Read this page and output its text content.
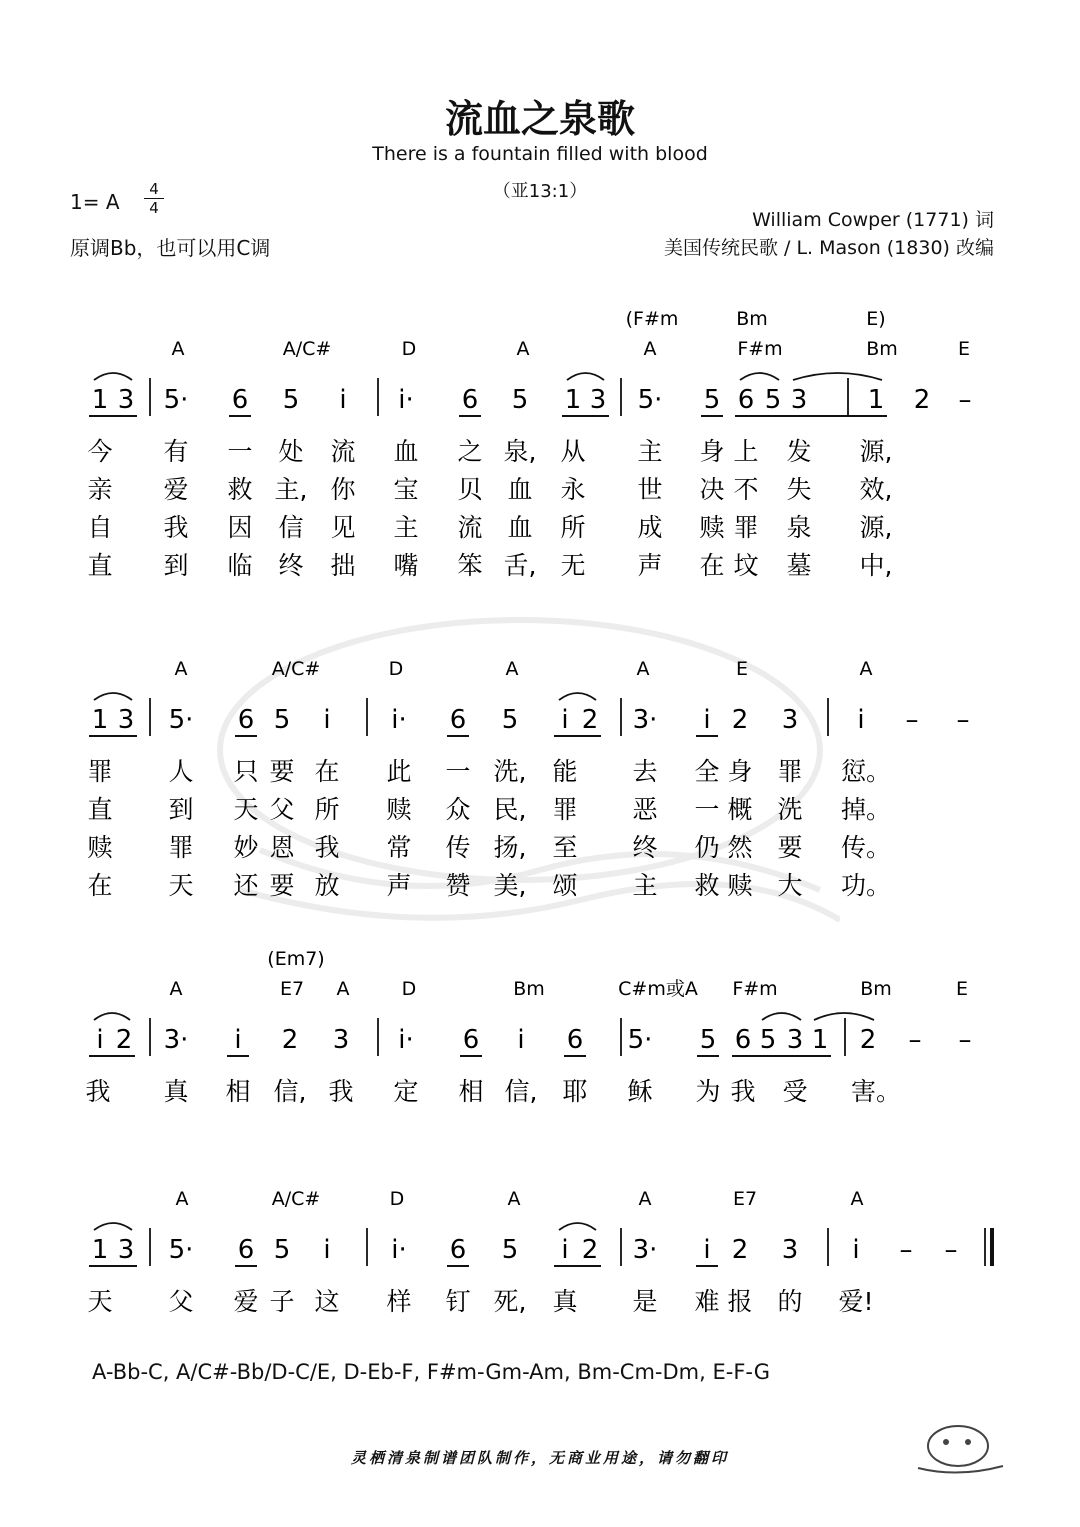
流血之泉歌
There is a fountain filled with blood
（亚13:1）
1= A
4
4
原调Bb，也可以用C调
William Cowper (1771) 词
美国传统民歌 / L. Mason (1830) 改编
(F#m	Bm	E)
A	A/C#	D	A	A	F#m	Bm	E
1 3 5· 6 5 i i· 6 5 1 3 5· 5 6 5 3 1 2 –
今 有 一 处 流 血 之 泉, 从 主 身 上 发 源,
亲 爱 救 主, 你 宝 贝 血 永 世 决 不 失 效,
自 我 因 信 见 主 流 血 所 成 赎 罪 泉 源,
直 到 临 终 拙 嘴 笨 舌, 无 声 在 坟 墓 中,
A	A/C#	D	A	A	E	A
1 3 5· 6 5 i i· 6 5 i 2 3· i 2 3 i – –
罪 人 只 要 在 此 一 洗, 能 去 全 身 罪 愆。
直 到 天 父 所 赎 众 民, 罪 恶 一 概 洗 掉。
赎 罪 妙 恩 我 常 传 扬, 至 终 仍 然 要 传。
在 天 还 要 放 声 赞 美, 颂 主 救 赎 大 功。
(Em7)
A	E7 A	D	Bm	C#m或A F#m	Bm	E
i 2 3· i 2 3 i· 6 i 6 5· 5 6 5 3 1 2 – –
我 真 相 信, 我 定 相 信, 耶 稣 为 我 受 害。
A	A/C#	D	A	A	E7	A
1 3 5· 6 5 i i· 6 5 i 2 3· i 2 3 i – –
天 父 爱 子 这 样 钉 死, 真 是 难 报 的 爱!
A-Bb-C, A/C#-Bb/D-C/E, D-Eb-F, F#m-Gm-Am, Bm-Cm-Dm, E-F-G
灵栖清泉制谱团队制作，无商业用途，请勿翻印
